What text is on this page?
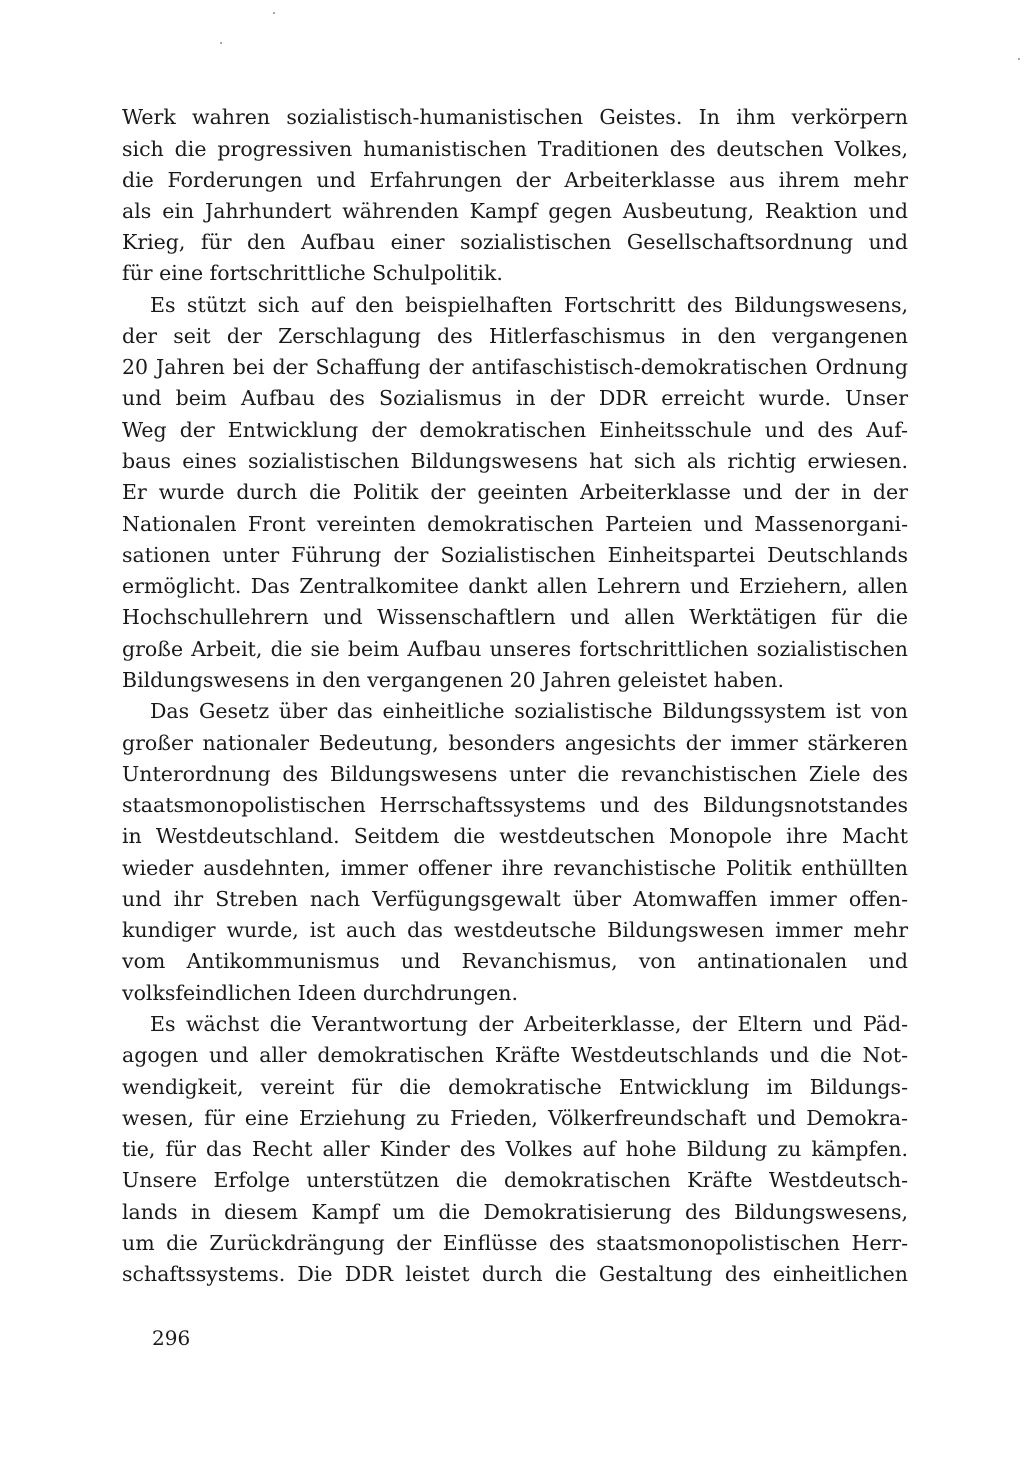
Werk wahren sozialistisch-humanistischen Geistes. In ihm verkörpern
sich die progressiven humanistischen Traditionen des deutschen Volkes,
die Forderungen und Erfahrungen der Arbeiterklasse aus ihrem mehr
als ein Jahrhundert währenden Kampf gegen Ausbeutung, Reaktion und
Krieg, für den Aufbau einer sozialistischen Gesellschaftsordnung und
für eine fortschrittliche Schulpolitik.
Es stützt sich auf den beispielhaften Fortschritt des Bildungswesens,
der seit der Zerschlagung des Hitlerfaschismus in den vergangenen
20 Jahren bei der Schaffung der antifaschistisch-demokratischen Ordnung
und beim Aufbau des Sozialismus in der DDR erreicht wurde. Unser
Weg der Entwicklung der demokratischen Einheitsschule und des Auf-
baus eines sozialistischen Bildungswesens hat sich als richtig erwiesen.
Er wurde durch die Politik der geeinten Arbeiterklasse und der in der
Nationalen Front vereinten demokratischen Parteien und Massenorgani-
sationen unter Führung der Sozialistischen Einheitspartei Deutschlands
ermöglicht. Das Zentralkomitee dankt allen Lehrern und Erziehern, allen
Hochschullehrern und Wissenschaftlern und allen Werktätigen für die
große Arbeit, die sie beim Aufbau unseres fortschrittlichen sozialistischen
Bildungswesens in den vergangenen 20 Jahren geleistet haben.
Das Gesetz über das einheitliche sozialistische Bildungssystem ist von
großer nationaler Bedeutung, besonders angesichts der immer stärkeren
Unterordnung des Bildungswesens unter die revanchistischen Ziele des
staatsmonopolistischen Herrschaftssystems und des Bildungsnotstandes
in Westdeutschland. Seitdem die westdeutschen Monopole ihre Macht
wieder ausdehnten, immer offener ihre revanchistische Politik enthüllten
und ihr Streben nach Verfügungsgewalt über Atomwaffen immer offen-
kundiger wurde, ist auch das westdeutsche Bildungswesen immer mehr
vom Antikommunismus und Revanchismus, von antinationalen und
volksfeindlichen Ideen durchdrungen.
Es wächst die Verantwortung der Arbeiterklasse, der Eltern und Päd-
agogen und aller demokratischen Kräfte Westdeutschlands und die Not-
wendigkeit, vereint für die demokratische Entwicklung im Bildungs-
wesen, für eine Erziehung zu Frieden, Völkerfreundschaft und Demokra-
tie, für das Recht aller Kinder des Volkes auf hohe Bildung zu kämpfen.
Unsere Erfolge unterstützen die demokratischen Kräfte Westdeutsch-
lands in diesem Kampf um die Demokratisierung des Bildungswesens,
um die Zurückdrängung der Einflüsse des staatsmonopolistischen Herr-
schaftssystems. Die DDR leistet durch die Gestaltung des einheitlichen
296
